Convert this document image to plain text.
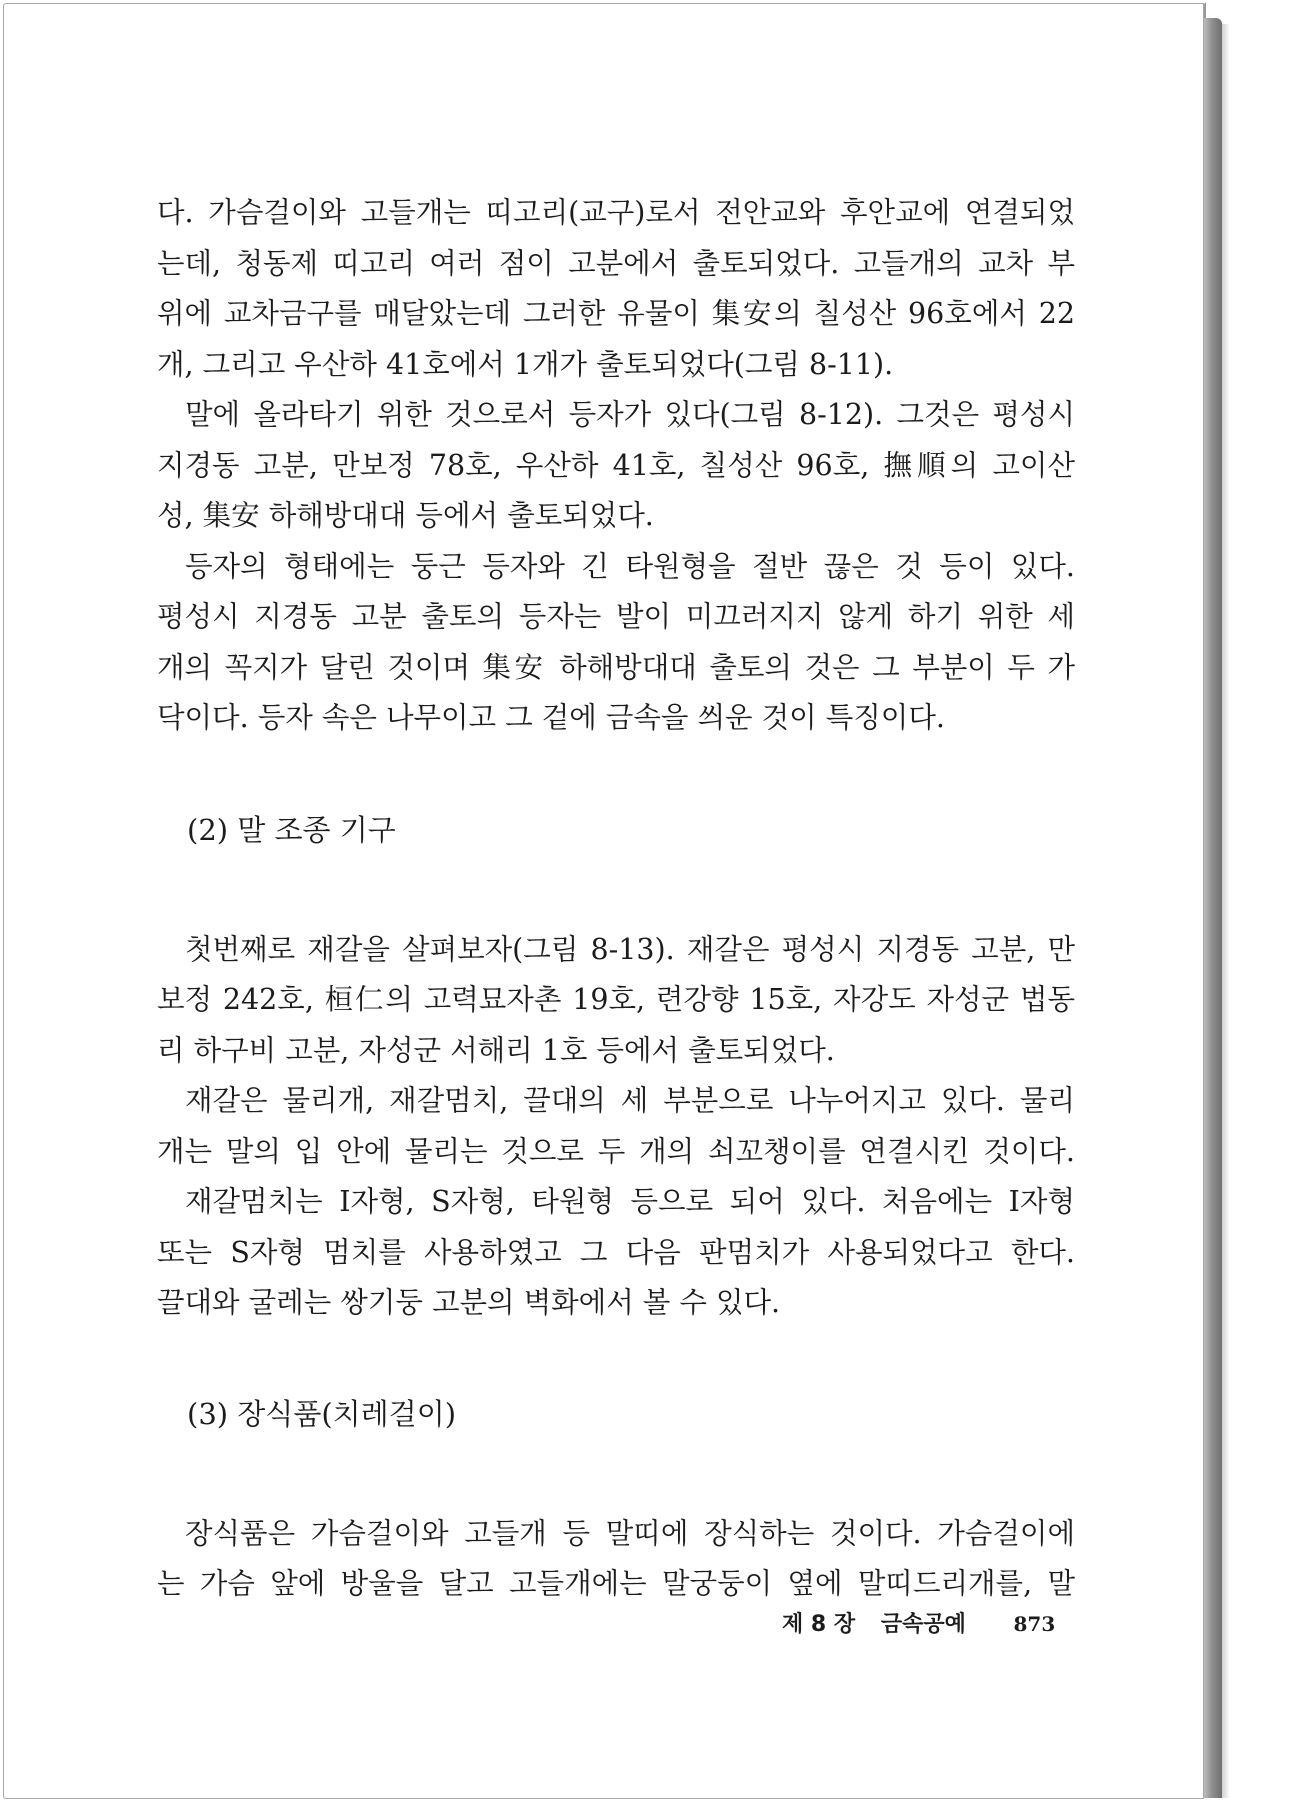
다. 가슴걸이와 고들개는 띠고리(교구)로서 전안교와 후안교에 연결되었
는데, 청동제 띠고리 여러 점이 고분에서 출토되었다. 고들개의 교차 부
위에 교차금구를 매달았는데 그러한 유물이 集安의 칠성산 96호에서 22
개, 그리고 우산하 41호에서 1개가 출토되었다(그림 8-11).

말에 올라타기 위한 것으로서 등자가 있다(그림 8-12). 그것은 평성시
지경동 고분, 만보정 78호, 우산하 41호, 칠성산 96호, 撫順의 고이산
성, 集安 하해방대대 등에서 출토되었다.

등자의 형태에는 둥근 등자와 긴 타원형을 절반 끊은 것 등이 있다.
평성시 지경동 고분 출토의 등자는 발이 미끄러지지 않게 하기 위한 세
개의 꼭지가 달린 것이며 集安 하해방대대 출토의 것은 그 부분이 두 가
닥이다. 등자 속은 나무이고 그 겉에 금속을 씌운 것이 특징이다.

(2) 말 조종 기구

첫번째로 재갈을 살펴보자(그림 8-13). 재갈은 평성시 지경동 고분, 만
보정 242호, 桓仁의 고력묘자촌 19호, 련강향 15호, 자강도 자성군 법동
리 하구비 고분, 자성군 서해리 1호 등에서 출토되었다.

재갈은 물리개, 재갈멈치, 끌대의 세 부분으로 나누어지고 있다. 물리
개는 말의 입 안에 물리는 것으로 두 개의 쇠꼬챙이를 연결시킨 것이다.

재갈멈치는 I자형, S자형, 타원형 등으로 되어 있다. 처음에는 I자형
또는 S자형 멈치를 사용하였고 그 다음 판멈치가 사용되었다고 한다.
끌대와 굴레는 쌍기둥 고분의 벽화에서 볼 수 있다.

(3) 장식품(치레걸이)

장식품은 가슴걸이와 고들개 등 말띠에 장식하는 것이다. 가슴걸이에
는 가슴 앞에 방울을 달고 고들개에는 말궁둥이 옆에 말띠드리개를, 말

제 8 장 금속공예 873
